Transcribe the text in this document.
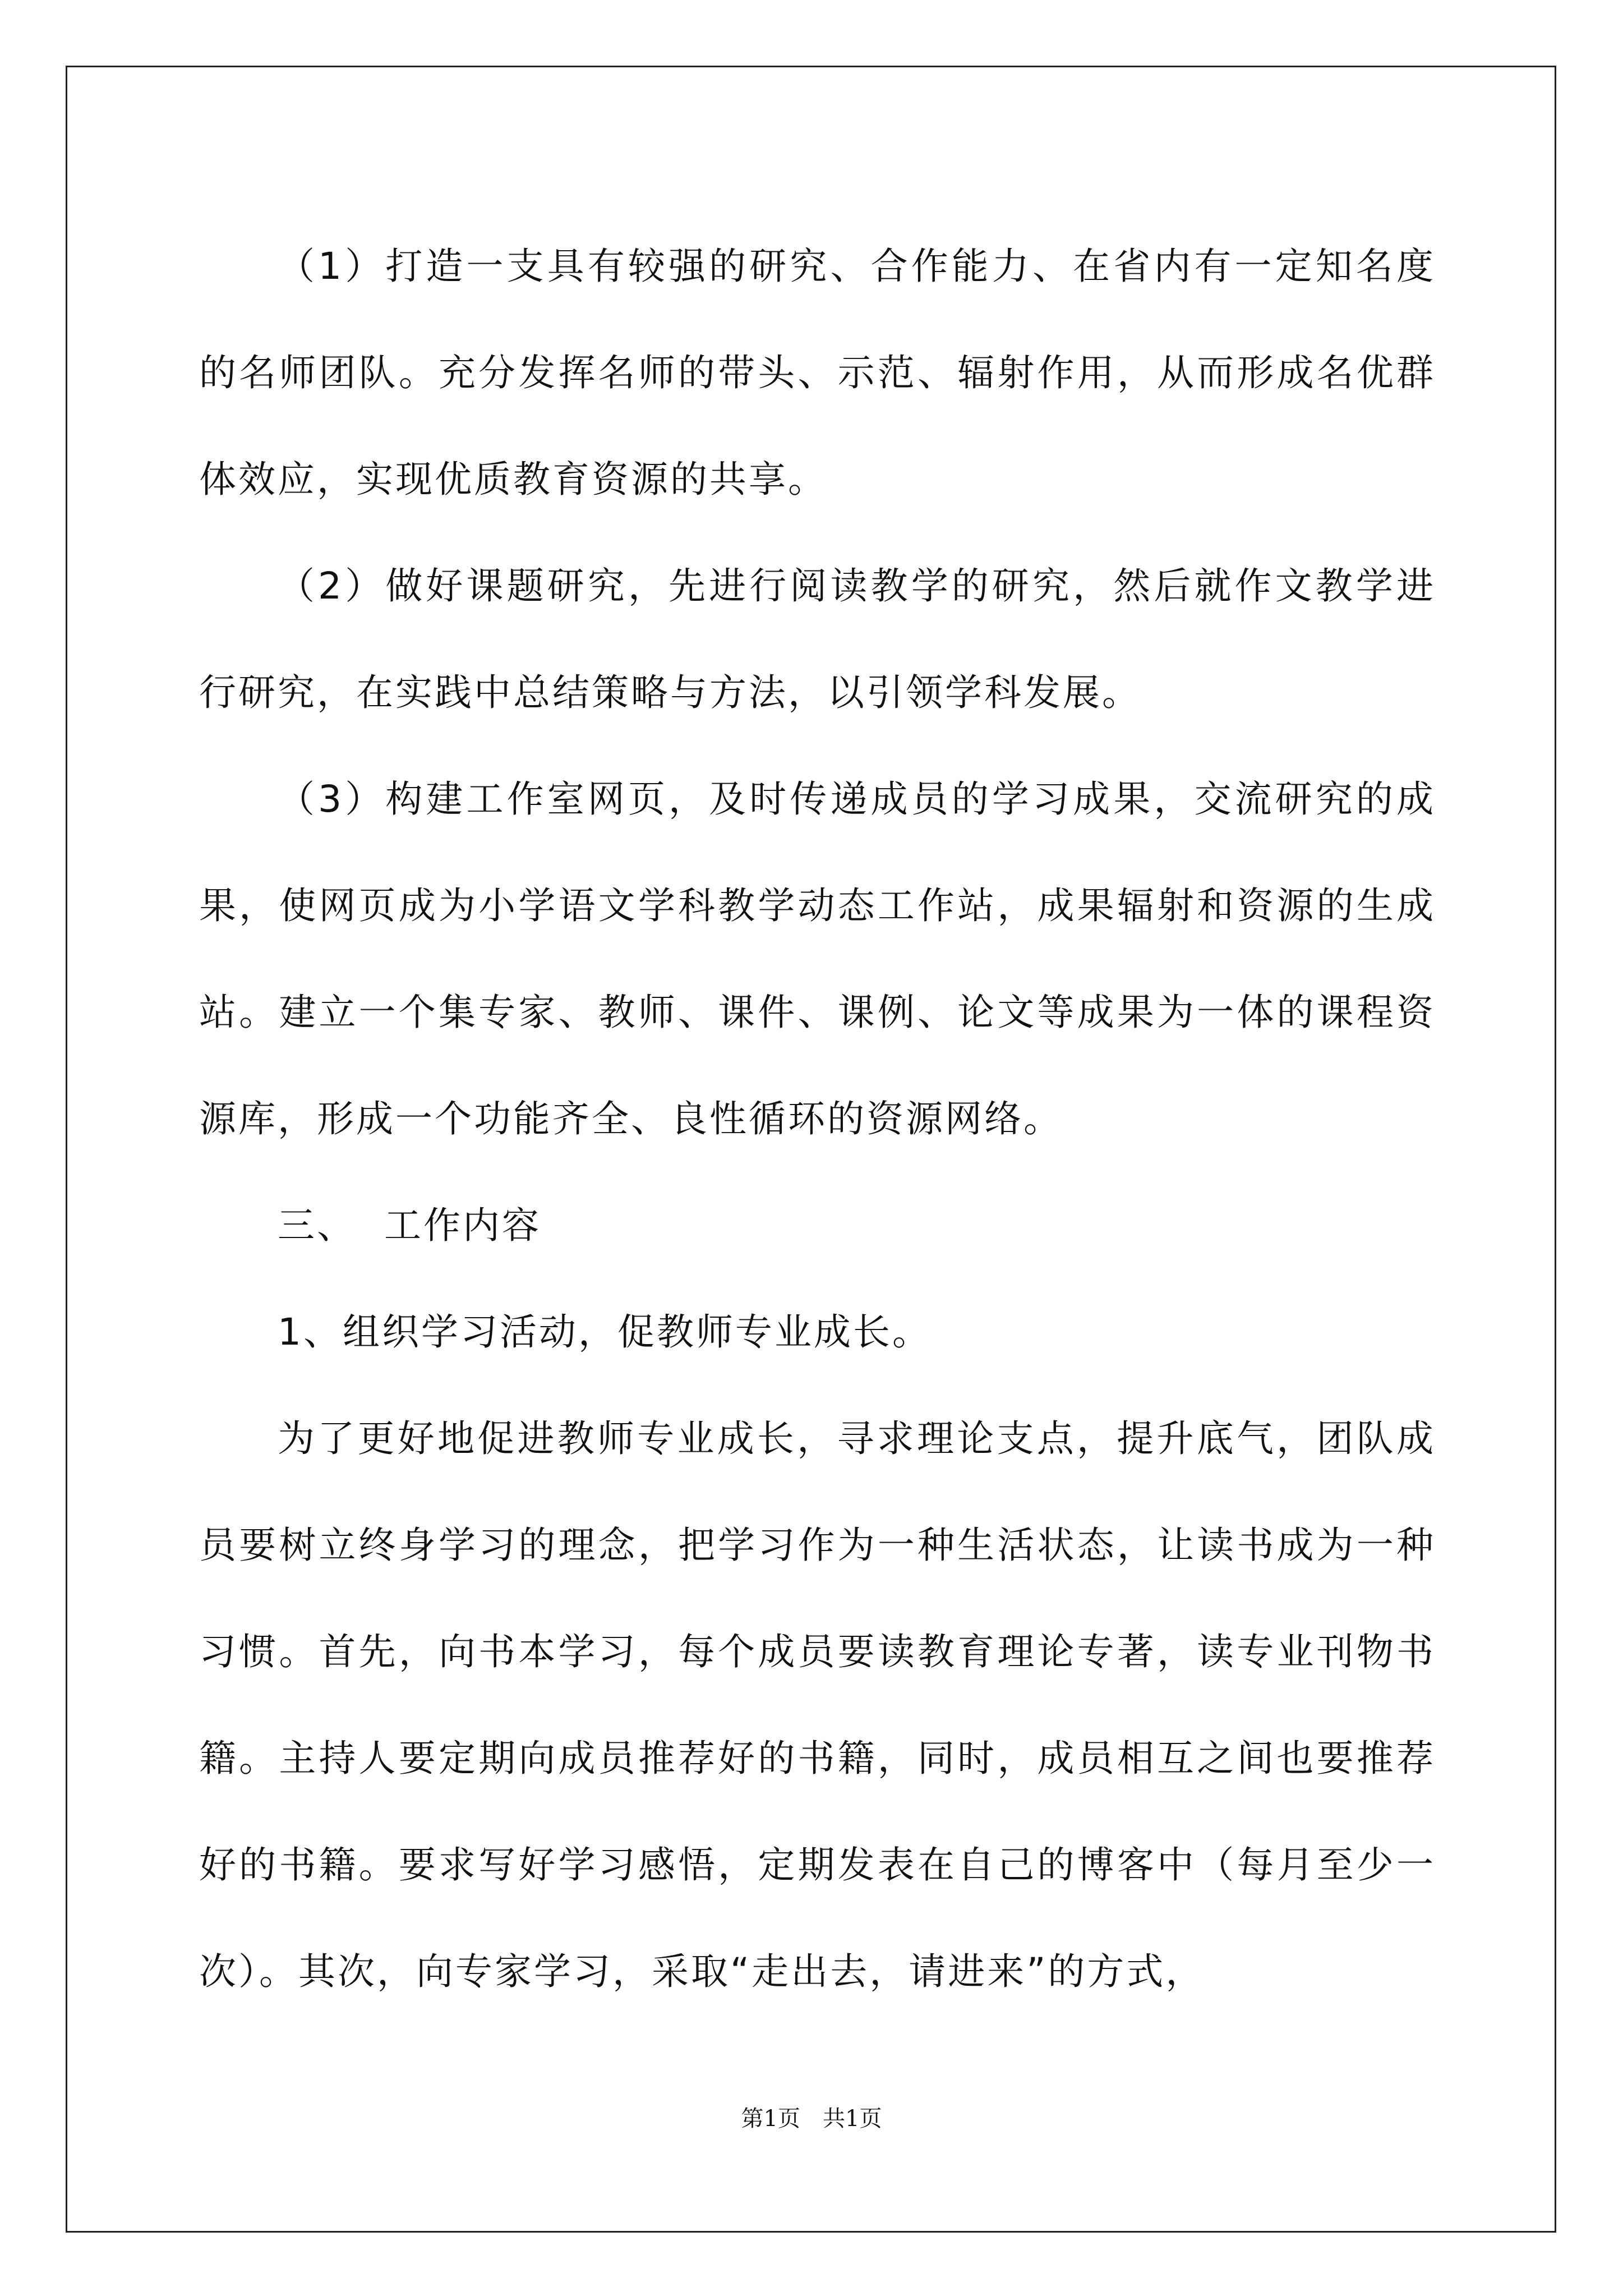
（1）打造一支具有较强的研究、合作能力、在省内有一定知名度的名师团队。充分发挥名师的带头、示范、辐射作用，从而形成名优群体效应，实现优质教育资源的共享。

（2）做好课题研究，先进行阅读教学的研究，然后就作文教学进行研究，在实践中总结策略与方法，以引领学科发展。

（3）构建工作室网页，及时传递成员的学习成果，交流研究的成果，使网页成为小学语文学科教学动态工作站，成果辐射和资源的生成站。建立一个集专家、教师、课件、课例、论文等成果为一体的课程资源库，形成一个功能齐全、良性循环的资源网络。

三、 工作内容

1、组织学习活动，促教师专业成长。

为了更好地促进教师专业成长，寻求理论支点，提升底气，团队成员要树立终身学习的理念，把学习作为一种生活状态，让读书成为一种习惯。首先，向书本学习，每个成员要读教育理论专著，读专业刊物书籍。主持人要定期向成员推荐好的书籍，同时，成员相互之间也要推荐好的书籍。要求写好学习感悟，定期发表在自己的博客中（每月至少一次）。其次，向专家学习，采取“走出去，请进来”的方式，

第1页 共1页
